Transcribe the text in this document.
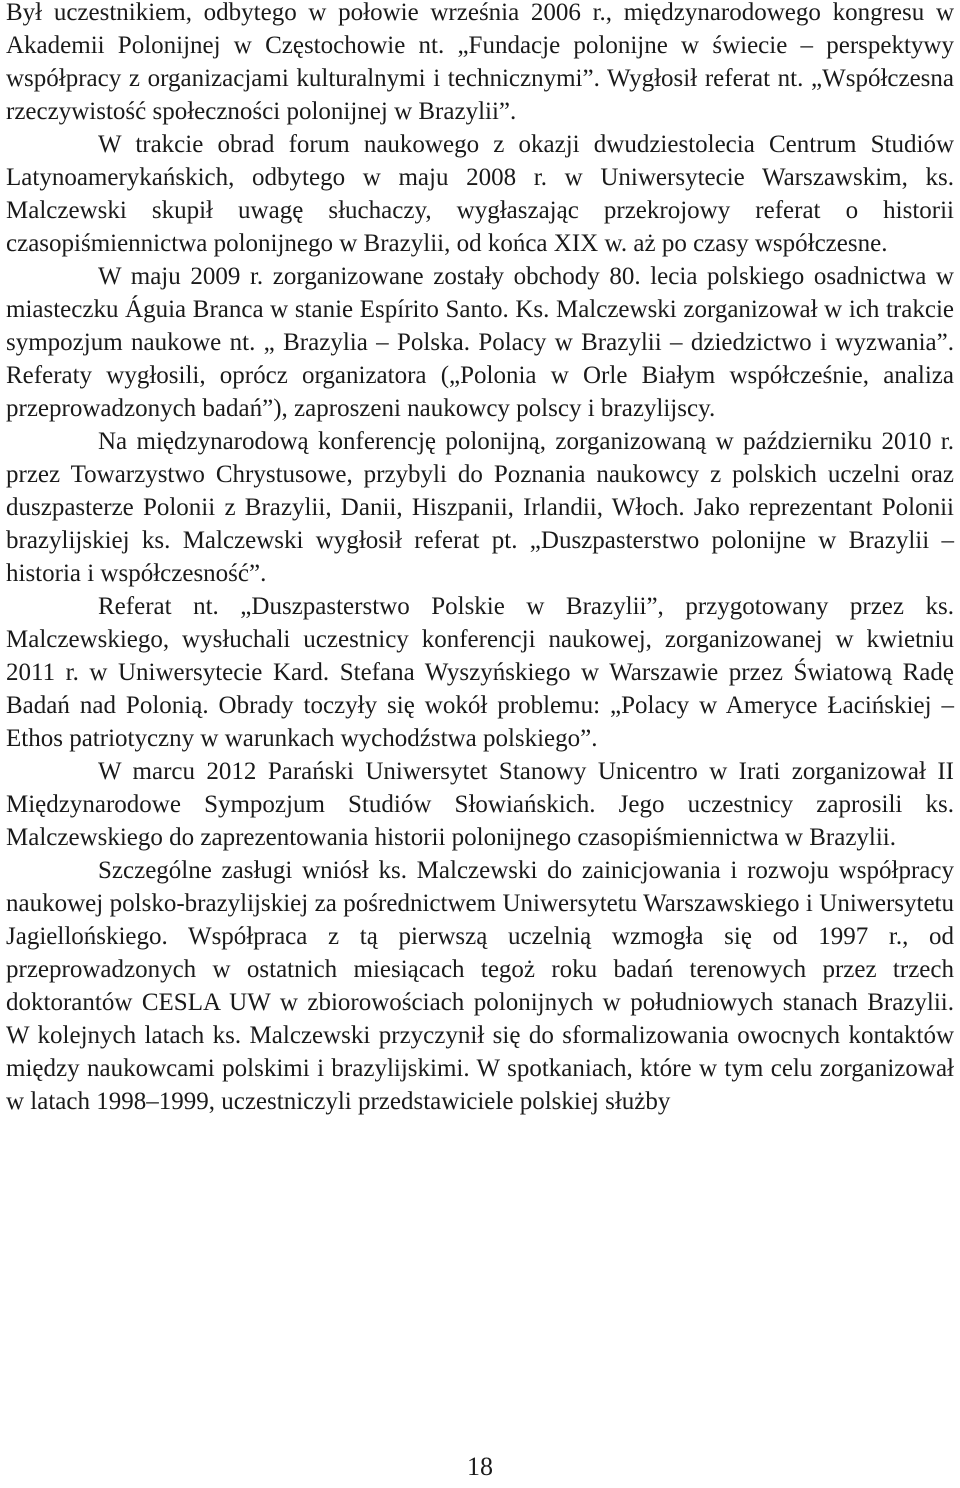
Był uczestnikiem, odbytego w połowie września 2006 r., międzynarodowego kongresu w Akademii Polonijnej w Częstochowie nt. „Fundacje polonijne w świecie – perspektywy współpracy z organizacjami kulturalnymi i technicznymi”. Wygłosił referat nt. „Współczesna rzeczywistość społeczności polonijnej w Brazylii”.

W trakcie obrad forum naukowego z okazji dwudziestolecia Centrum Studiów Latynoamerykańskich, odbytego w maju 2008 r. w Uniwersytecie Warszawskim, ks. Malczewski skupił uwagę słuchaczy, wygłaszając przekrojowy referat o historii czasopiśmiennictwa polonijnego w Brazylii, od końca XIX w. aż po czasy współczesne.

W maju 2009 r. zorganizowane zostały obchody 80. lecia polskiego osadnictwa w miasteczku Águia Branca w stanie Espírito Santo. Ks. Malczewski zorganizował w ich trakcie sympozjum naukowe nt. „ Brazylia – Polska. Polacy w Brazylii – dziedzictwo i wyzwania”. Referaty wygłosili, oprócz organizatora („Polonia w Orle Białym współcześnie, analiza przeprowadzonych badań”), zaproszeni naukowcy polscy i brazylijscy.

Na międzynarodową konferencję polonijną, zorganizowaną w październiku 2010 r. przez Towarzystwo Chrystusowe, przybyli do Poznania naukowcy z polskich uczelni oraz duszpasterze Polonii z Brazylii, Danii, Hiszpanii, Irlandii, Włoch. Jako reprezentant Polonii brazylijskiej ks. Malczewski wygłosił referat pt. „Duszpasterstwo polonijne w Brazylii – historia i współczesność”.

Referat nt. „Duszpasterstwo Polskie w Brazylii”, przygotowany przez ks. Malczewskiego, wysłuchali uczestnicy konferencji naukowej, zorganizowanej w kwietniu 2011 r. w Uniwersytecie Kard. Stefana Wyszyńskiego w Warszawie przez Światową Radę Badań nad Polonią. Obrady toczyły się wokół problemu: „Polacy w Ameryce Łacińskiej – Ethos patriotyczny w warunkach wychodźstwa polskiego”.

W marcu 2012 Parański Uniwersytet Stanowy Unicentro w Irati zorganizował II Międzynarodowe Sympozjum Studiów Słowiańskich. Jego uczestnicy zaprosili ks. Malczewskiego do zaprezentowania historii polonijnego czasopiśmiennictwa w Brazylii.

Szczególne zasługi wniósł ks. Malczewski do zainicjowania i rozwoju współpracy naukowej polsko-brazylijskiej za pośrednictwem Uniwersytetu Warszawskiego i Uniwersytetu Jagiellońskiego. Współpraca z tą pierwszą uczelnią wzmogła się od 1997 r., od przeprowadzonych w ostatnich miesiącach tegoż roku badań terenowych przez trzech doktorantów CESLA UW w zbiorowościach polonijnych w południowych stanach Brazylii. W kolejnych latach ks. Malczewski przyczynił się do sformalizowania owocnych kontaktów między naukowcami polskimi i brazylijskimi. W spotkaniach, które w tym celu zorganizował w latach 1998–1999, uczestniczyli przedstawiciele polskiej służby

18
